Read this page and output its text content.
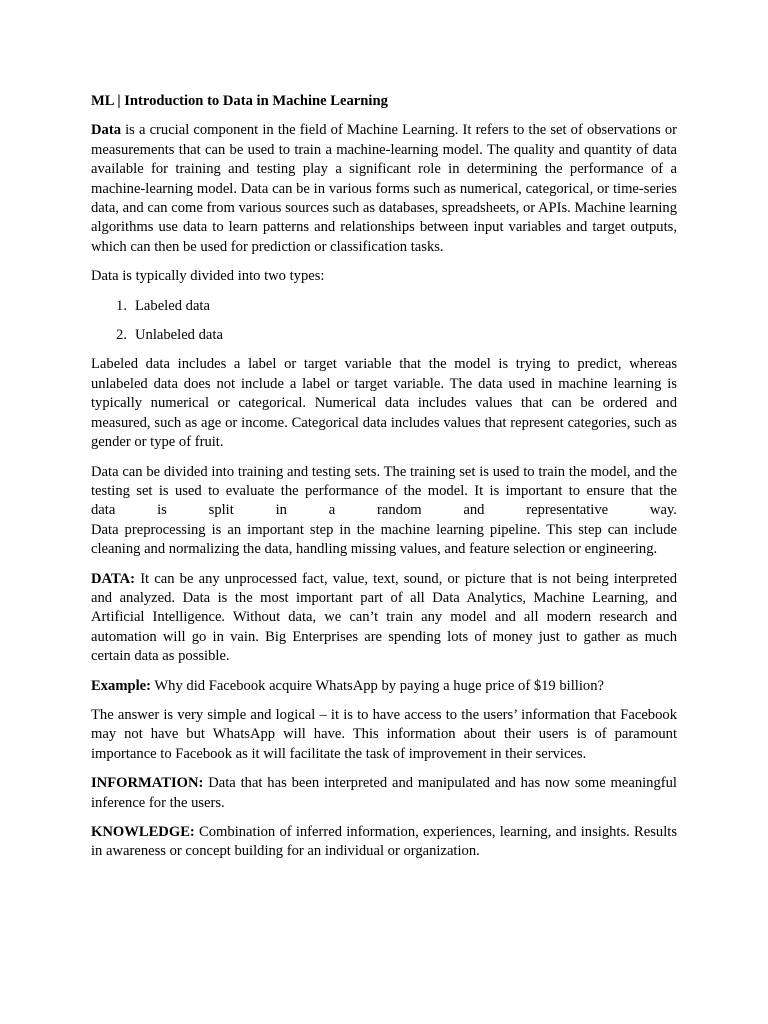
ML | Introduction to Data in Machine Learning

Data is a crucial component in the field of Machine Learning. It refers to the set of observations or measurements that can be used to train a machine-learning model. The quality and quantity of data available for training and testing play a significant role in determining the performance of a machine-learning model. Data can be in various forms such as numerical, categorical, or time-series data, and can come from various sources such as databases, spreadsheets, or APIs. Machine learning algorithms use data to learn patterns and relationships between input variables and target outputs, which can then be used for prediction or classification tasks.

Data is typically divided into two types:

1. Labeled data
2. Unlabeled data

Labeled data includes a label or target variable that the model is trying to predict, whereas unlabeled data does not include a label or target variable. The data used in machine learning is typically numerical or categorical. Numerical data includes values that can be ordered and measured, such as age or income. Categorical data includes values that represent categories, such as gender or type of fruit.

Data can be divided into training and testing sets. The training set is used to train the model, and the testing set is used to evaluate the performance of the model. It is important to ensure that the
data	is	split	in	a	random	and	representative	way.
Data preprocessing is an important step in the machine learning pipeline. This step can include cleaning and normalizing the data, handling missing values, and feature selection or engineering.

DATA: It can be any unprocessed fact, value, text, sound, or picture that is not being interpreted and analyzed. Data is the most important part of all Data Analytics, Machine Learning, and Artificial Intelligence. Without data, we can’t train any model and all modern research and automation will go in vain. Big Enterprises are spending lots of money just to gather as much certain data as possible.

Example: Why did Facebook acquire WhatsApp by paying a huge price of $19 billion?

The answer is very simple and logical – it is to have access to the users’ information that Facebook may not have but WhatsApp will have. This information about their users is of paramount importance to Facebook as it will facilitate the task of improvement in their services.

INFORMATION: Data that has been interpreted and manipulated and has now some meaningful inference for the users.

KNOWLEDGE: Combination of inferred information, experiences, learning, and insights. Results in awareness or concept building for an individual or organization.
